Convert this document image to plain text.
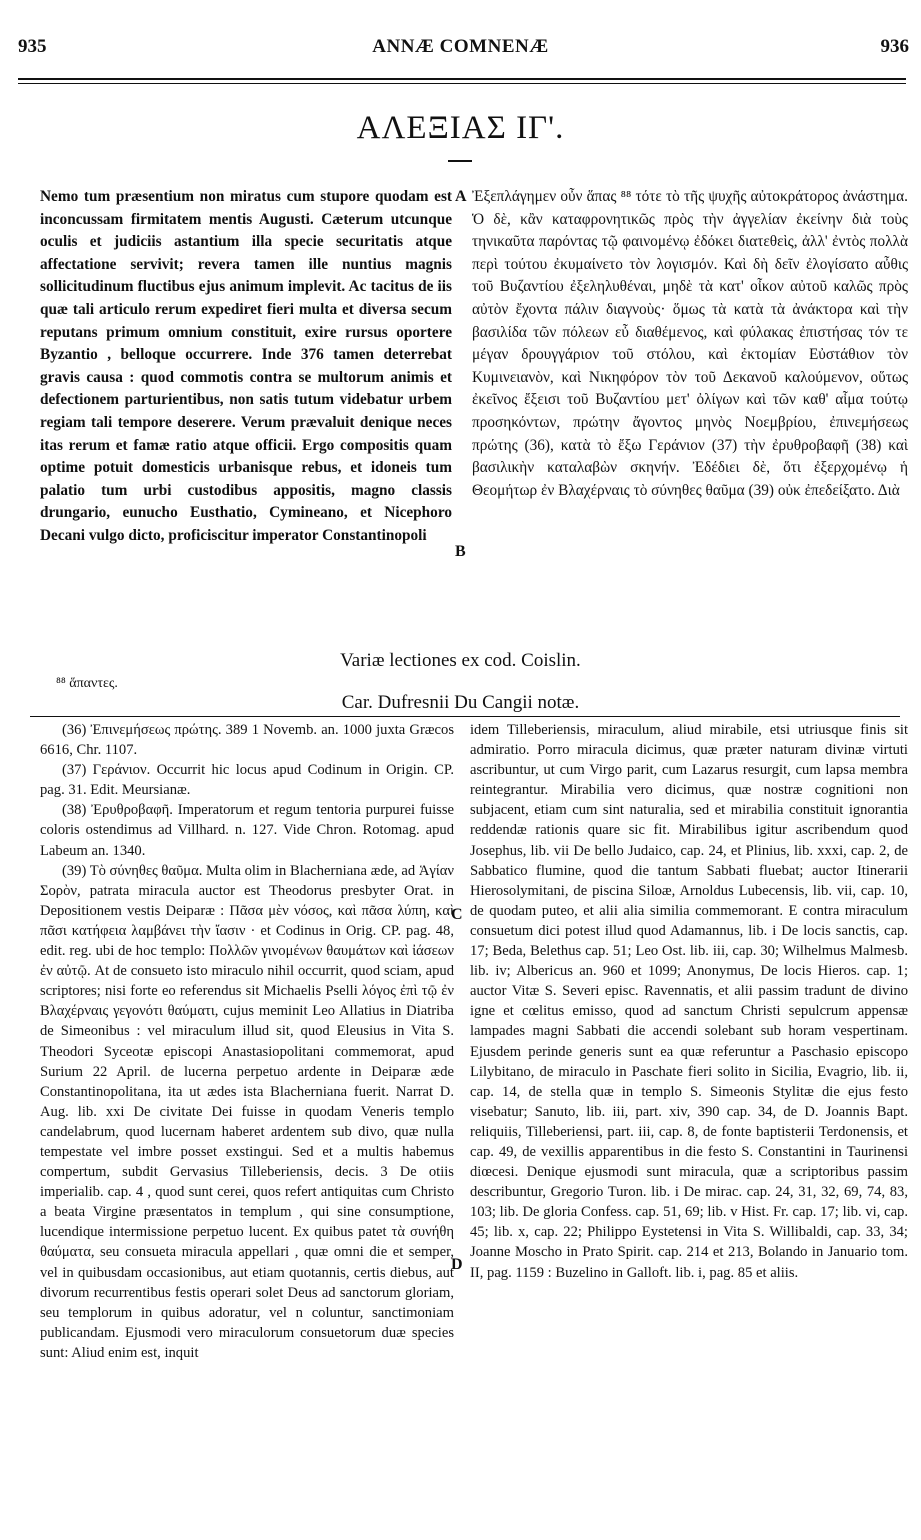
935	ANNÆ COMNENÆ	936
ΑΛΕΞΙΑΣ ΙΓ'.
Nemo tum præsentium non miratus cum stupore quodam est inconcussam firmitatem mentis Augusti. Cæterum utcunque oculis et judiciis astantium illa specie securitatis atque affectatione servivit; revera tamen ille nuntius magnis sollicitudinum fluctibus ejus animum implevit. Ac tacitus de iis quæ tali articulo rerum expediret fieri multa et diversa secum reputans primum omnium constituit, exire rursus oportere Byzantio , belloque occurrere. Inde 376 tamen deterrebat gravis causa : quod commotis contra se multorum animis et defectionem parturientibus, non satis tutum videbatur urbem regiam tali tempore deserere. Verum prævaluit denique neces itas rerum et famæ ratio atque officii. Ergo compositis quam optime potuit domesticis urbanisque rebus, et idoneis tum palatio tum urbi custodibus appositis, magno classis drungario, eunucho Eusthatio, Cymineano, et Nicephoro Decani vulgo dicto, proficiscitur imperator Constantinopoli
Ἐξεπλάγημεν οὖν ἅπας ⁸⁸ τότε τὸ τῆς ψυχῆς αὐτοκράτορος ἀνάστημα. Ὁ δὲ, κἂν καταφρονητικῶς πρὸς τὴν ἀγγελίαν ἐκείνην διὰ τοὺς τηνικαῦτα παρόντας τῷ φαινομένῳ ἐδόκει διατεθεὶς, ἀλλ' ἐντὸς πολλὰ περὶ τούτου ἐκυμαίνετο τὸν λογισμόν. Καὶ δὴ δεῖν ἐλογίσατο αὖθις τοῦ Βυζαντίου ἐξεληλυθέναι, μηδὲ τὰ κατ' οἶκον αὐτοῦ καλῶς πρὸς αὐτὸν ἔχοντα πάλιν διαγνοὺς· ὅμως τὰ κατὰ τὰ ἀνάκτορα καὶ τὴν βασιλίδα τῶν πόλεων εὖ διαθέμενος, καὶ φύλακας ἐπιστήσας τόν τε μέγαν δρουγγάριον τοῦ στόλου, καὶ ἐκτομίαν Εὐστάθιον τὸν Κυμινειανὸν, καὶ Νικηφόρον τὸν τοῦ Δεκανοῦ καλούμενον, οὕτως ἐκεῖνος ἔξεισι τοῦ Βυζαντίου μετ' ὀλίγων καὶ τῶν καθ' αἷμα τούτῳ προσηκόντων, πρώτην ἄγοντος μηνὸς Νοεμβρίου, ἐπινεμήσεως πρώτης (36), κατὰ τὸ ἔξω Γεράνιον (37) τὴν ἐρυθροβαφῆ (38) καὶ βασιλικὴν καταλαβὼν σκηνήν. Ἐδέδιει δὲ, ὅτι ἐξερχομένῳ ἡ Θεομήτωρ ἐν Βλαχέρναις τὸ σύνηθες θαῦμα (39) οὐκ ἐπεδείξατο. Διὰ
A
B
C
D
Variæ lectiones ex cod. Coislin.
⁸⁸ ἅπαντες.
Car. Dufresnii Du Cangii notæ.

(36) Ἐπινεμήσεως πρώτης. 389 1 Novemb. an. 1000 juxta Græcos 6616, Chr. 1107.

(37) Γεράνιον. Occurrit hic locus apud Codinum in Origin. CP. pag. 31. Edit. Meursianæ.

(38) Ἐρυθροβαφῆ. Imperatorum et regum tentoria purpurei fuisse coloris ostendimus ad Villhard. n. 127. Vide Chron. Rotomag. apud Labeum an. 1340.

(39) Τὸ σύνηθες θαῦμα. Multa olim in Blachernianа æde, ad Ἁγίαν Σορὸν, patrata miracula auctor est Theodorus presbyter Orat. in Depositionem vestis Deiparæ : Πᾶσα μὲν νόσος, καὶ πᾶσα λύπη, καὶ πᾶσι κατήφεια λαμβάνει τὴν ἴασιν · et Codinus in Orig. CP. pag. 48, edit. reg. ubi de hoc templo: Πολλῶν γινομένων θαυμάτων καὶ ἰάσεων ἐν αὐτῷ. At de consueto isto miraculo nihil occurrit, quod sciam, apud scriptores; nisi forte eo referendus sit Michaelis Pselli λόγος ἐπὶ τῷ ἐν Βλαχέρναις γεγονότι θαύματι, cujus meminit Leo Allatius in Diatriba de Simeonibus : vel miraculum illud sit, quod Eleusius in Vita S. Theodori Syceotæ episcopi Anastasiopolitani commemorat, apud Surium 22 April. de lucerna perpetuo ardente in Deiparæ æde Constantinopolitana, ita ut ædes ista Blachernianа fuerit. Narrat D. Aug. lib. xxi De civitate Dei fuisse in quodam Veneris templo candelabrum, quod lucernam haberet ardentem sub divo, quæ nulla tempestate vel imbre posset exstingui. Sed et a multis habemus compertum, subdit Gervasius Tilleberiensis, decis. 3 De otiis imperialib. cap. 4 , quod sunt cerei, quos refert antiquitas cum Christo a beata Virgine præsentatos in templum , qui sine consumptione, lucendique intermissione perpetuo lucent. Ex quibus patet τὰ συνήθη θαύματα, seu consueta miracula appellari , quæ omni die et semper, vel in quibusdam occasionibus, aut etiam quotannis, certis diebus, aut divorum recurrentibus festis operari solet Deus ad sanctorum gloriam, seu templorum in quibus adoratur, vel n coluntur, sanctimoniam publicandam. Ejusmodi vero miraculorum consuetorum duæ species sunt: Aliud enim est, inquit

idem Tilleberiensis, miraculum, aliud mirabile, etsi utriusque finis sit admiratio. Porro miracula dicimus, quæ præter naturam divinæ virtuti ascribuntur, ut cum Virgo parit, cum Lazarus resurgit, cum lapsa membra reintegrantur. Mirabilia vero dicimus, quæ nostræ cognitioni non subjacent, etiam cum sint naturalia, sed et mirabilia constituit ignorantia reddendæ rationis quare sic fit. Mirabilibus igitur ascribendum quod Josephus, lib. vii De bello Judaico, cap. 24, et Plinius, lib. xxxi, cap. 2, de Sabbatico flumine, quod die tantum Sabbati fluebat; auctor Itinerarii Hierosolymitani, de piscina Siloæ, Arnoldus Lubecensis, lib. vii, cap. 10, de quodam puteo, et alii alia similia commemorant. E contra miraculum consuetum dici potest illud quod Adamannus, lib. i De locis sanctis, cap. 17; Beda, Belethus cap. 51; Leo Ost. lib. iii, cap. 30; Wilhelmus Malmesb. lib. iv; Albericus an. 960 et 1099; Anonymus, De locis Hieros. cap. 1; auctor Vitæ S. Severi episc. Ravennatis, et alii passim tradunt de divino igne et cœlitus emisso, quod ad sanctum Christi sepulcrum appensæ lampades magni Sabbati die accendi solebant sub horam vespertinam. Ejusdem perinde generis sunt ea quæ referuntur a Paschasio episcopo Lilybitano, de miraculo in Paschate fieri solito in Sicilia, Evagrio, lib. ii, cap. 14, de stella quæ in templo S. Simeonis Stylitæ die ejus festo visebatur; Sanuto, lib. iii, part. xiv, 390 cap. 34, de D. Joannis Bapt. reliquiis, Tilleberiensi, part. iii, cap. 8, de fonte baptisterii Terdonensis, et cap. 49, de vexillis apparentibus in die festo S. Constantini in Taurinensi diœcesi. Denique ejusmodi sunt miracula, quæ a scriptoribus passim describuntur, Gregorio Turon. lib. i De mirac. cap. 24, 31, 32, 69, 74, 83, 103; lib. De gloria Confess. cap. 51, 69; lib. v Hist. Fr. cap. 17; lib. vi, cap. 45; lib. x, cap. 22; Philippo Eystetensi in Vita S. Willibaldi, cap. 33, 34; Joanne Moscho in Prato Spirit. cap. 214 et 213, Bolando in Januario tom. II, pag. 1159 : Buzelino in Galloft. lib. i, pag. 85 et aliis.
